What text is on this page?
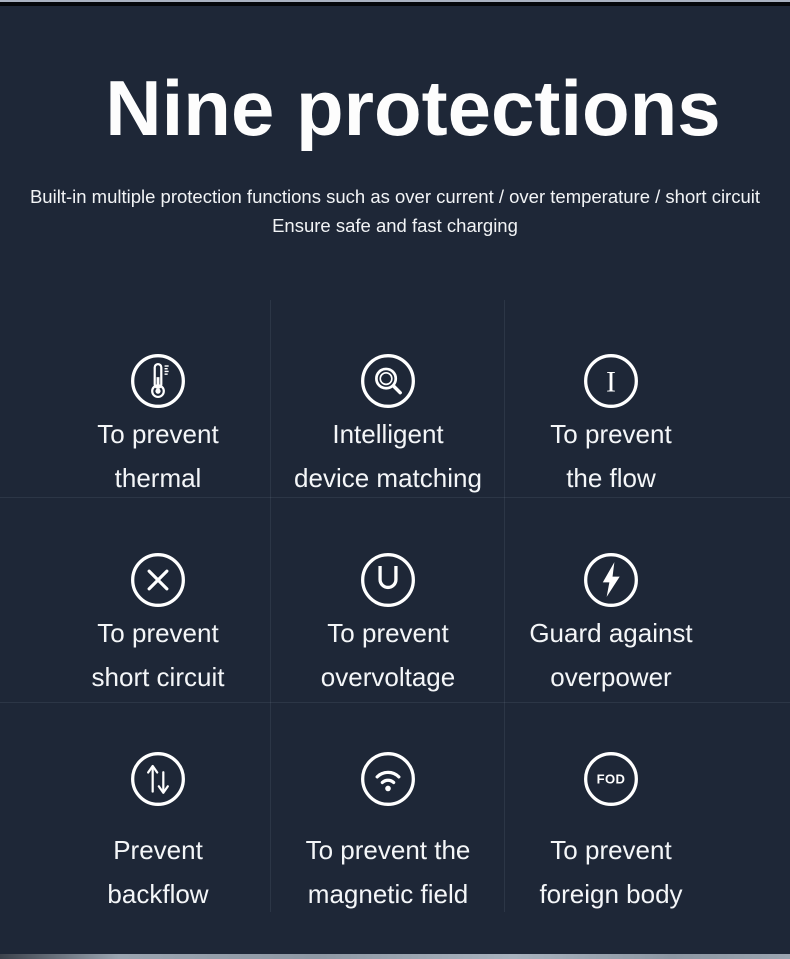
Nine protections
Built-in multiple protection functions such as over current / over temperature / short circuit
Ensure safe and fast charging
To prevent
thermal
Intelligent
device matching
I
To prevent
the flow
To prevent
short circuit
To prevent
overvoltage
Guard against
overpower
Prevent
backflow
To prevent the
magnetic field
FOD
To prevent
foreign body
